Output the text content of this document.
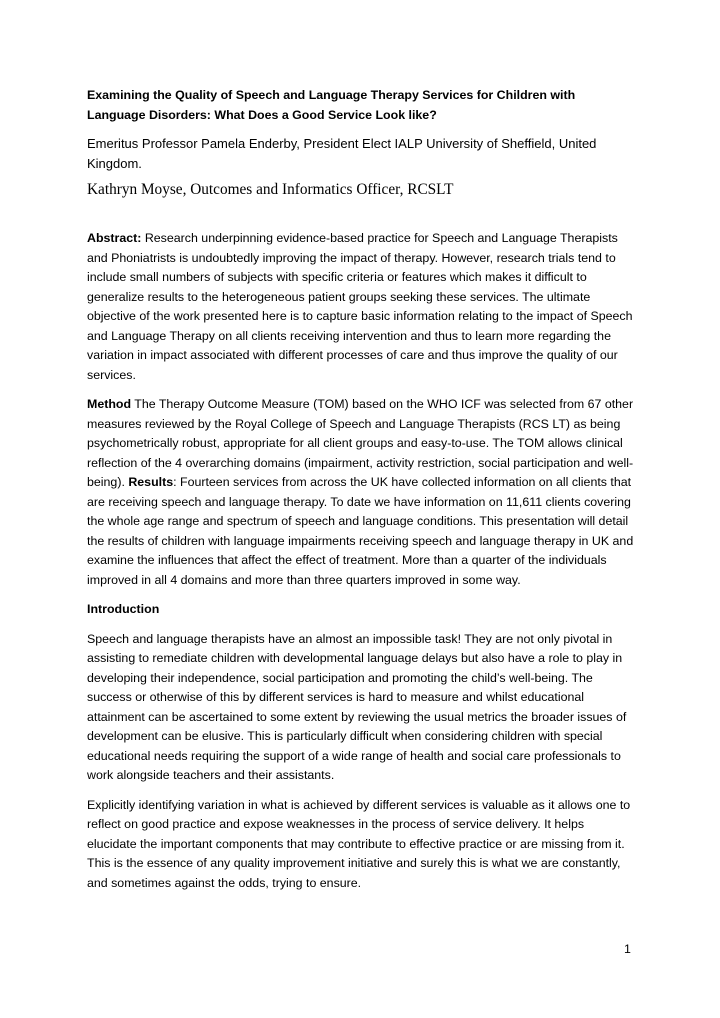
Examining the Quality of Speech and Language Therapy Services for Children with Language Disorders: What Does a Good Service Look like?
Emeritus Professor Pamela Enderby, President Elect IALP University of Sheffield, United Kingdom.
Kathryn Moyse, Outcomes and Informatics Officer, RCSLT

Abstract: Research underpinning evidence-based practice for Speech and Language Therapists and Phoniatrists is undoubtedly improving the impact of therapy. However, research trials tend to include small numbers of subjects with specific criteria or features which makes it difficult to generalize results to the heterogeneous patient groups seeking these services. The ultimate objective of the work presented here is to capture basic information relating to the impact of Speech and Language Therapy on all clients receiving intervention and thus to learn more regarding the variation in impact associated with different processes of care and thus improve the quality of our services.

Method The Therapy Outcome Measure (TOM) based on the WHO ICF was selected from 67 other measures reviewed by the Royal College of Speech and Language Therapists (RCS LT) as being psychometrically robust, appropriate for all client groups and easy-to-use. The TOM allows clinical reflection of the 4 overarching domains (impairment, activity restriction, social participation and well-being). Results: Fourteen services from across the UK have collected information on all clients that are receiving speech and language therapy. To date we have information on 11,611 clients covering the whole age range and spectrum of speech and language conditions. This presentation will detail the results of children with language impairments receiving speech and language therapy in UK and examine the influences that affect the effect of treatment. More than a quarter of the individuals improved in all 4 domains and more than three quarters improved in some way.

Introduction

Speech and language therapists have an almost an impossible task! They are not only pivotal in assisting to remediate children with developmental language delays but also have a role to play in developing their independence, social participation and promoting the child’s well-being. The success or otherwise of this by different services is hard to measure and whilst educational attainment can be ascertained to some extent by reviewing the usual metrics the broader issues of development can be elusive. This is particularly difficult when considering children with special educational needs requiring the support of a wide range of health and social care professionals to work alongside teachers and their assistants.

Explicitly identifying variation in what is achieved by different services is valuable as it allows one to reflect on good practice and expose weaknesses in the process of service delivery. It helps elucidate the important components that may contribute to effective practice or are missing from it. This is the essence of any quality improvement initiative and surely this is what we are constantly, and sometimes against the odds, trying to ensure.

1
